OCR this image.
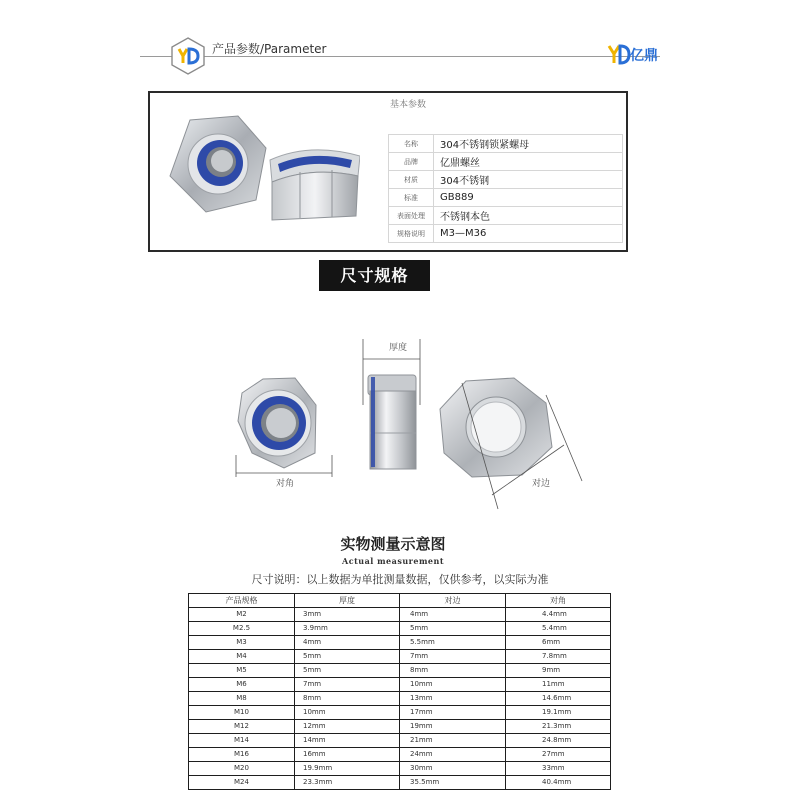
产品参数/Parameter	亿鼎
基本参数
名称	304不锈钢锁紧螺母
品牌	亿鼎螺丝
材质	304不锈钢
标准	GB889
表面处理	不锈钢本色
规格说明	M3—M36
尺寸规格
厚度
对角	对边
实物测量示意图
Actual measurement
尺寸说明：以上数据为单批测量数据，仅供参考，以实际为准
产品规格	厚度	对边	对角
M2	3mm	4mm	4.4mm
M2.5	3.9mm	5mm	5.4mm
M3	4mm	5.5mm	6mm
M4	5mm	7mm	7.8mm
M5	5mm	8mm	9mm
M6	7mm	10mm	11mm
M8	8mm	13mm	14.6mm
M10	10mm	17mm	19.1mm
M12	12mm	19mm	21.3mm
M14	14mm	21mm	24.8mm
M16	16mm	24mm	27mm
M20	19.9mm	30mm	33mm
M24	23.3mm	35.5mm	40.4mm
